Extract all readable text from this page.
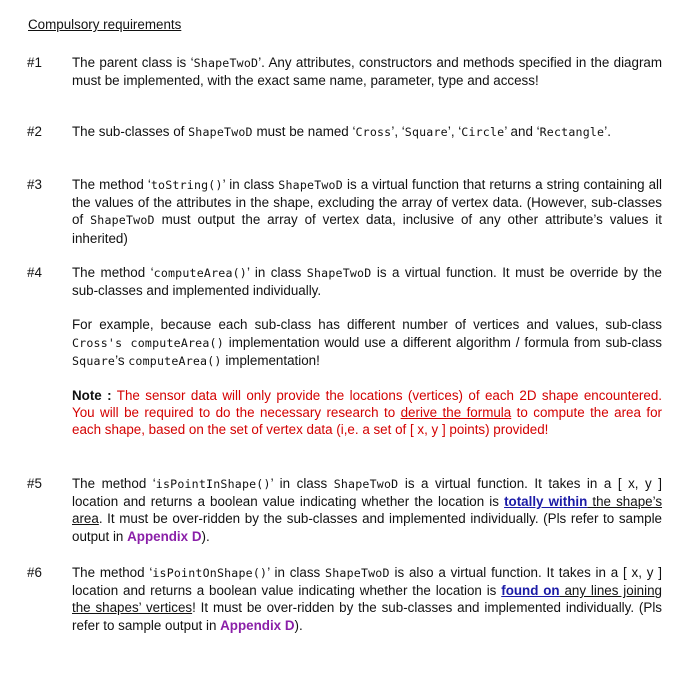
Compulsory requirements
#1	The parent class is ‘ShapeTwoD’. Any attributes, constructors and methods specified in the diagram must be implemented, with the exact same name, parameter, type and access!

#2	The sub-classes of ShapeTwoD must be named ‘Cross’, ‘Square’, ‘Circle’ and ‘Rectangle’.

#3	The method ‘toString()’ in class ShapeTwoD is a virtual function that returns a string containing all the values of the attributes in the shape, excluding the array of vertex data. (However, sub-classes of ShapeTwoD must output the array of vertex data, inclusive of any other attribute’s values it inherited)

#4	The method ‘computeArea()’ in class ShapeTwoD is a virtual function. It must be override by the sub-classes and implemented individually.

For example, because each sub-class has different number of vertices and values, sub-class Cross's computeArea() implementation would use a different algorithm / formula from sub-class Square’s computeArea() implementation!

Note : The sensor data will only provide the locations (vertices) of each 2D shape encountered. You will be required to do the necessary research to derive the formula to compute the area for each shape, based on the set of vertex data (i,e. a set of [ x, y ] points) provided!

#5	The method ‘isPointInShape()’ in class ShapeTwoD is a virtual function. It takes in a [ x, y ] location and returns a boolean value indicating whether the location is totally within the shape’s area. It must be over-ridden by the sub-classes and implemented individually. (Pls refer to sample output in Appendix D).

#6	The method ‘isPointOnShape()’ in class ShapeTwoD is also a virtual function. It takes in a [ x, y ] location and returns a boolean value indicating whether the location is found on any lines joining the shapes’ vertices! It must be over-ridden by the sub-classes and implemented individually. (Pls refer to sample output in Appendix D).
